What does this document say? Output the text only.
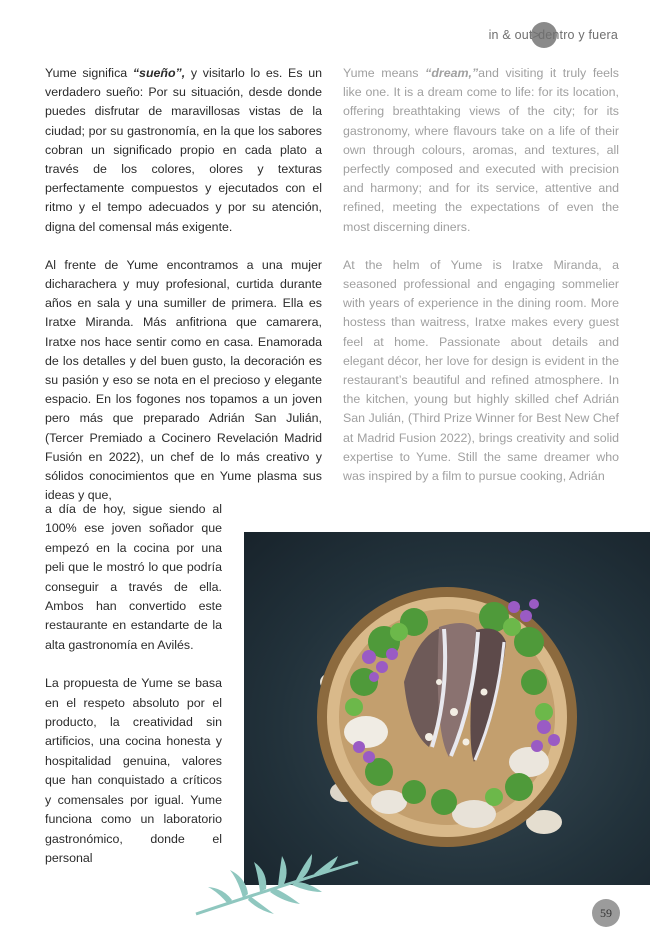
in & out >
dentro y fuera

Yume significa “sueño”, y visitarlo lo es. Es un verdadero sueño: Por su situación, desde donde puedes disfrutar de maravillosas vistas de la ciudad; por su gastronomía, en la que los sabores cobran un significado propio en cada plato a través de los colores, olores y texturas perfectamente compuestos y ejecutados con el ritmo y el tempo adecuados y por su atención, digna del comensal más exigente.

Al frente de Yume encontramos a una mujer dicharachera y muy profesional, curtida durante años en sala y una sumiller de primera. Ella es Iratxe Miranda. Más anfitriona que camarera, Iratxe nos hace sentir como en casa. Enamorada de los detalles y del buen gusto, la decoración es su pasión y eso se nota en el precioso y elegante espacio. En los fogones nos topamos a un joven pero más que preparado Adrián San Julián, (Tercer Premiado a Cocinero Revelación Madrid Fusión en 2022), un chef de lo más creativo y sólidos conocimientos que en Yume plasma sus ideas y que,

a día de hoy, sigue siendo al 100% ese joven soñador que empezó en la cocina por una peli que le mostró lo que podría conseguir a través de ella. Ambos han convertido este restaurante en estandarte de la alta gastronomía en Avilés.

La propuesta de Yume se basa en el respeto absoluto por el producto, la creatividad sin artificios, una cocina honesta y hospitalidad genuina, valores que han conquistado a críticos y comensales por igual. Yume funciona como un laboratorio gastronómico, donde el personal

Yume means “dream,”and visiting it truly feels like one. It is a dream come to life: for its location, offering breathtaking views of the city; for its gastronomy, where flavours take on a life of their own through colours, aromas, and textures, all perfectly composed and executed with precision and harmony; and for its service, attentive and refined, meeting the expectations of even the most discerning diners.

At the helm of Yume is Iratxe Miranda, a seasoned professional and engaging sommelier with years of experience in the dining room. More hostess than waitress, Iratxe makes every guest feel at home. Passionate about details and elegant décor, her love for design is evident in the restaurant’s beautiful and refined atmosphere. In the kitchen, young but highly skilled chef Adrián San Julián, (Third Prize Winner for Best New Chef at Madrid Fusion 2022), brings creativity and solid expertise to Yume. Still the same dreamer who was inspired by a film to pursue cooking, Adrián

59
